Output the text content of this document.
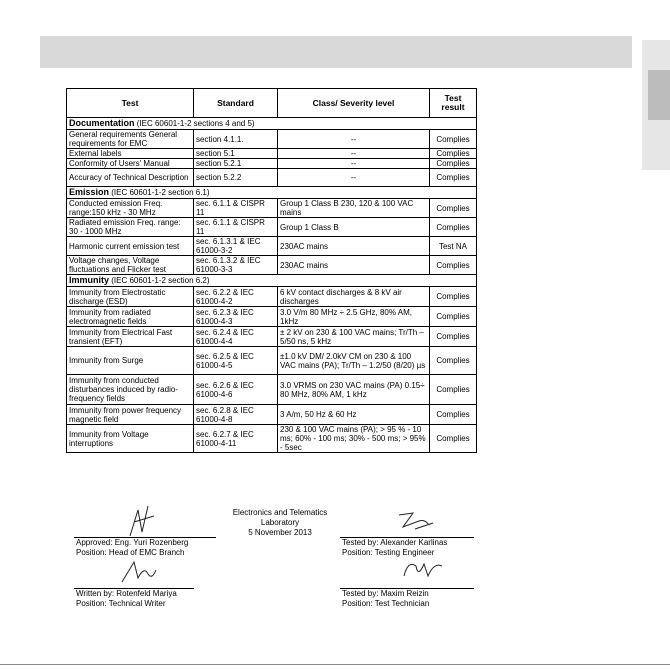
Test	Standard	Class/ Severity level	Test result
Documentation (IEC 60601-1-2 sections 4 and 5)			
General requirements General requirements for EMC	section 4.1.1.	--	Complies
External labels	section 5.1	--	Complies
Conformity of Users' Manual	section 5.2.1	--	Complies
Accuracy of Technical Description	section 5.2.2	--	Complies
Emission (IEC 60601-1-2 section 6.1)			
Conducted emission Freq. range:150 kHz - 30 MHz	sec. 6.1.1 & CISPR 11	Group 1 Class B 230, 120 & 100 VAC mains	Complies
Radiated emission Freq. range: 30 - 1000 MHz	sec. 6.1.1 & CISPR 11	Group 1 Class B	Complies
Harmonic current emission test	sec. 6.1.3.1 & IEC 61000-3-2	230AC mains	Test NA
Voltage changes, Voltage fluctuations and Flicker test	sec. 6.1.3.2 & IEC 61000-3-3	230AC mains	Complies
Immunity (IEC 60601-1-2 section 6.2)			
Immunity from Electrostatic discharge (ESD)	sec. 6.2.2 & IEC 61000-4-2	6 kV contact discharges & 8 kV air discharges	Complies
Immunity from radiated electromagnetic fields	sec. 6.2.3 & IEC 61000-4-3	3.0 V/m 80 MHz ÷ 2.5 GHz, 80% AM, 1kHz	Complies
Immunity from Electrical Fast transient (EFT)	sec. 6.2.4 & IEC 61000-4-4	± 2 kV on 230 & 100 VAC mains; Tr/Th – 5/50 ns, 5 kHz	Complies
Immunity from Surge	sec. 6.2.5 & IEC 61000-4-5	±1.0 kV DM/ 2.0kV CM on 230 & 100 VAC mains (PA); Tr/Th – 1.2/50 (8/20) µs	Complies
Immunity from conducted disturbances induced by radio-frequency fields	sec. 6.2.6 & IEC 61000-4-6	3.0 VRMS on 230 VAC mains (PA) 0.15÷ 80 MHz, 80% AM, 1 kHz	Complies
Immunity from power frequency magnetic field	sec. 6.2.8 & IEC 61000-4-8	3 A/m, 50 Hz & 60 Hz	Complies
Immunity from Voltage interruptions	sec. 6.2.7 & IEC 61000-4-11	230 & 100 VAC mains (PA); > 95 % - 10 ms; 60% - 100 ms; 30% - 500 ms; > 95% - 5sec	Complies
Electronics and Telematics
Laboratory
5 November 2013
Approved: Eng. Yuri Rozenberg
Position: Head of EMC Branch
Tested by: Alexander Karlinas
Position: Testing Engineer
Written by: Rotenfeld Mariya
Position: Technical Writer
Tested by: Maxim Reizin
Position: Test Technician
